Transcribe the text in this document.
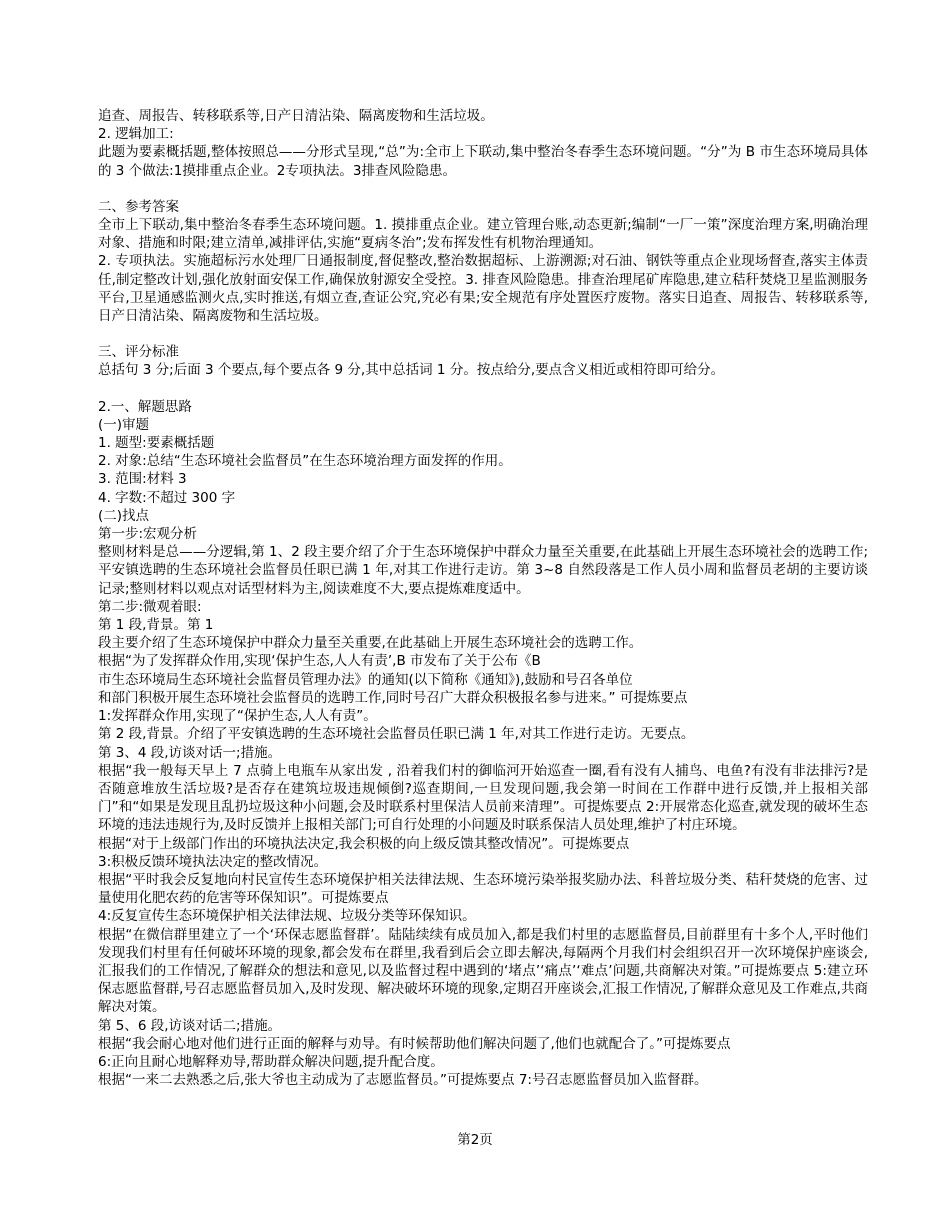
追查、周报告、转移联系等,日产日清沾染、隔离废物和生活垃圾。

2. 逻辑加工:

此题为要素概括题,整体按照总——分形式呈现,“总”为:全市上下联动,集中整治冬春季生态环境问题。“分”为 B 市生态环境局具体的 3 个做法:1摸排重点企业。2专项执法。3排查风险隐患。

二、参考答案

全市上下联动,集中整治冬春季生态环境问题。1. 摸排重点企业。建立管理台账,动态更新;编制“一厂一策”深度治理方案,明确治理对象、措施和时限;建立清单,减排评估,实施“夏病冬治”;发布挥发性有机物治理通知。

2. 专项执法。实施超标污水处理厂日通报制度,督促整改,整治数据超标、上游溯源;对石油、钢铁等重点企业现场督查,落实主体责任,制定整改计划,强化放射面安保工作,确保放射源安全受控。3. 排查风险隐患。排查治理尾矿库隐患,建立秸秆焚烧卫星监测服务平台,卫星通感监测火点,实时推送,有烟立查,查证公究,究必有果;安全规范有序处置医疗废物。落实日追查、周报告、转移联系等,日产日清沾染、隔离废物和生活垃圾。

三、评分标准

总括句 3 分;后面 3 个要点,每个要点各 9 分,其中总括词 1 分。按点给分,要点含义相近或相符即可给分。

2.一、解题思路

(一)审题

1. 题型:要素概括题

2. 对象:总结“生态环境社会监督员”在生态环境治理方面发挥的作用。

3. 范围:材料 3

4. 字数:不超过 300 字

(二)找点

第一步:宏观分析

整则材料是总——分逻辑,第 1、2 段主要介绍了介于生态环境保护中群众力量至关重要,在此基础上开展生态环境社会的选聘工作;平安镇选聘的生态环境社会监督员任职已满 1 年,对其工作进行走访。第 3~8 自然段落是工作人员小周和监督员老胡的主要访谈记录;整则材料以观点对话型材料为主,阅读难度不大,要点提炼难度适中。

第二步:微观着眼:

第 1 段,背景。第 1

段主要介绍了生态环境保护中群众力量至关重要,在此基础上开展生态环境社会的选聘工作。

根据“为了发挥群众作用,实现‘保护生态,人人有责’,B 市发布了关于公布《B

市生态环境局生态环境社会监督员管理办法》的通知(以下简称《通知》),鼓励和号召各单位

和部门积极开展生态环境社会监督员的选聘工作,同时号召广大群众积极报名参与进来。” 可提炼要点

1:发挥群众作用,实现了“保护生态,人人有责”。

第 2 段,背景。介绍了平安镇选聘的生态环境社会监督员任职已满 1 年,对其工作进行走访。无要点。

第 3、4 段,访谈对话一;措施。

根据“我一般每天早上 7 点骑上电瓶车从家出发 , 沿着我们村的御临河开始巡查一圈,看有没有人捕鸟、电鱼?有没有非法排污?是否随意堆放生活垃圾?是否存在建筑垃圾违规倾倒?巡查期间,一旦发现问题,我会第一时间在工作群中进行反馈,并上报相关部门”和“如果是发现且乱扔垃圾这种小问题,会及时联系村里保洁人员前来清理”。可提炼要点 2:开展常态化巡查,就发现的破坏生态环境的违法违规行为,及时反馈并上报相关部门;可自行处理的小问题及时联系保洁人员处理,维护了村庄环境。

根据“对于上级部门作出的环境执法决定,我会积极的向上级反馈其整改情况”。可提炼要点

3:积极反馈环境执法决定的整改情况。

根据“平时我会反复地向村民宣传生态环境保护相关法律法规、生态环境污染举报奖励办法、科普垃圾分类、秸秆焚烧的危害、过量使用化肥农药的危害等环保知识”。可提炼要点

4:反复宣传生态环境保护相关法律法规、垃圾分类等环保知识。

根据“在微信群里建立了一个‘环保志愿监督群’。陆陆续续有成员加入,都是我们村里的志愿监督员,目前群里有十多个人,平时他们发现我们村里有任何破坏环境的现象,都会发布在群里,我看到后会立即去解决,每隔两个月我们村会组织召开一次环境保护座谈会,汇报我们的工作情况,了解群众的想法和意见,以及监督过程中遇到的‘堵点’‘痛点’‘难点’问题,共商解决对策。”可提炼要点 5:建立环保志愿监督群,号召志愿监督员加入,及时发现、解决破坏环境的现象,定期召开座谈会,汇报工作情况,了解群众意见及工作难点,共商解决对策。

第 5、6 段,访谈对话二;措施。

根据“我会耐心地对他们进行正面的解释与劝导。有时候帮助他们解决问题了,他们也就配合了。”可提炼要点

6:正向且耐心地解释劝导,帮助群众解决问题,提升配合度。

根据“一来二去熟悉之后,张大爷也主动成为了志愿监督员。”可提炼要点 7:号召志愿监督员加入监督群。

第2页
